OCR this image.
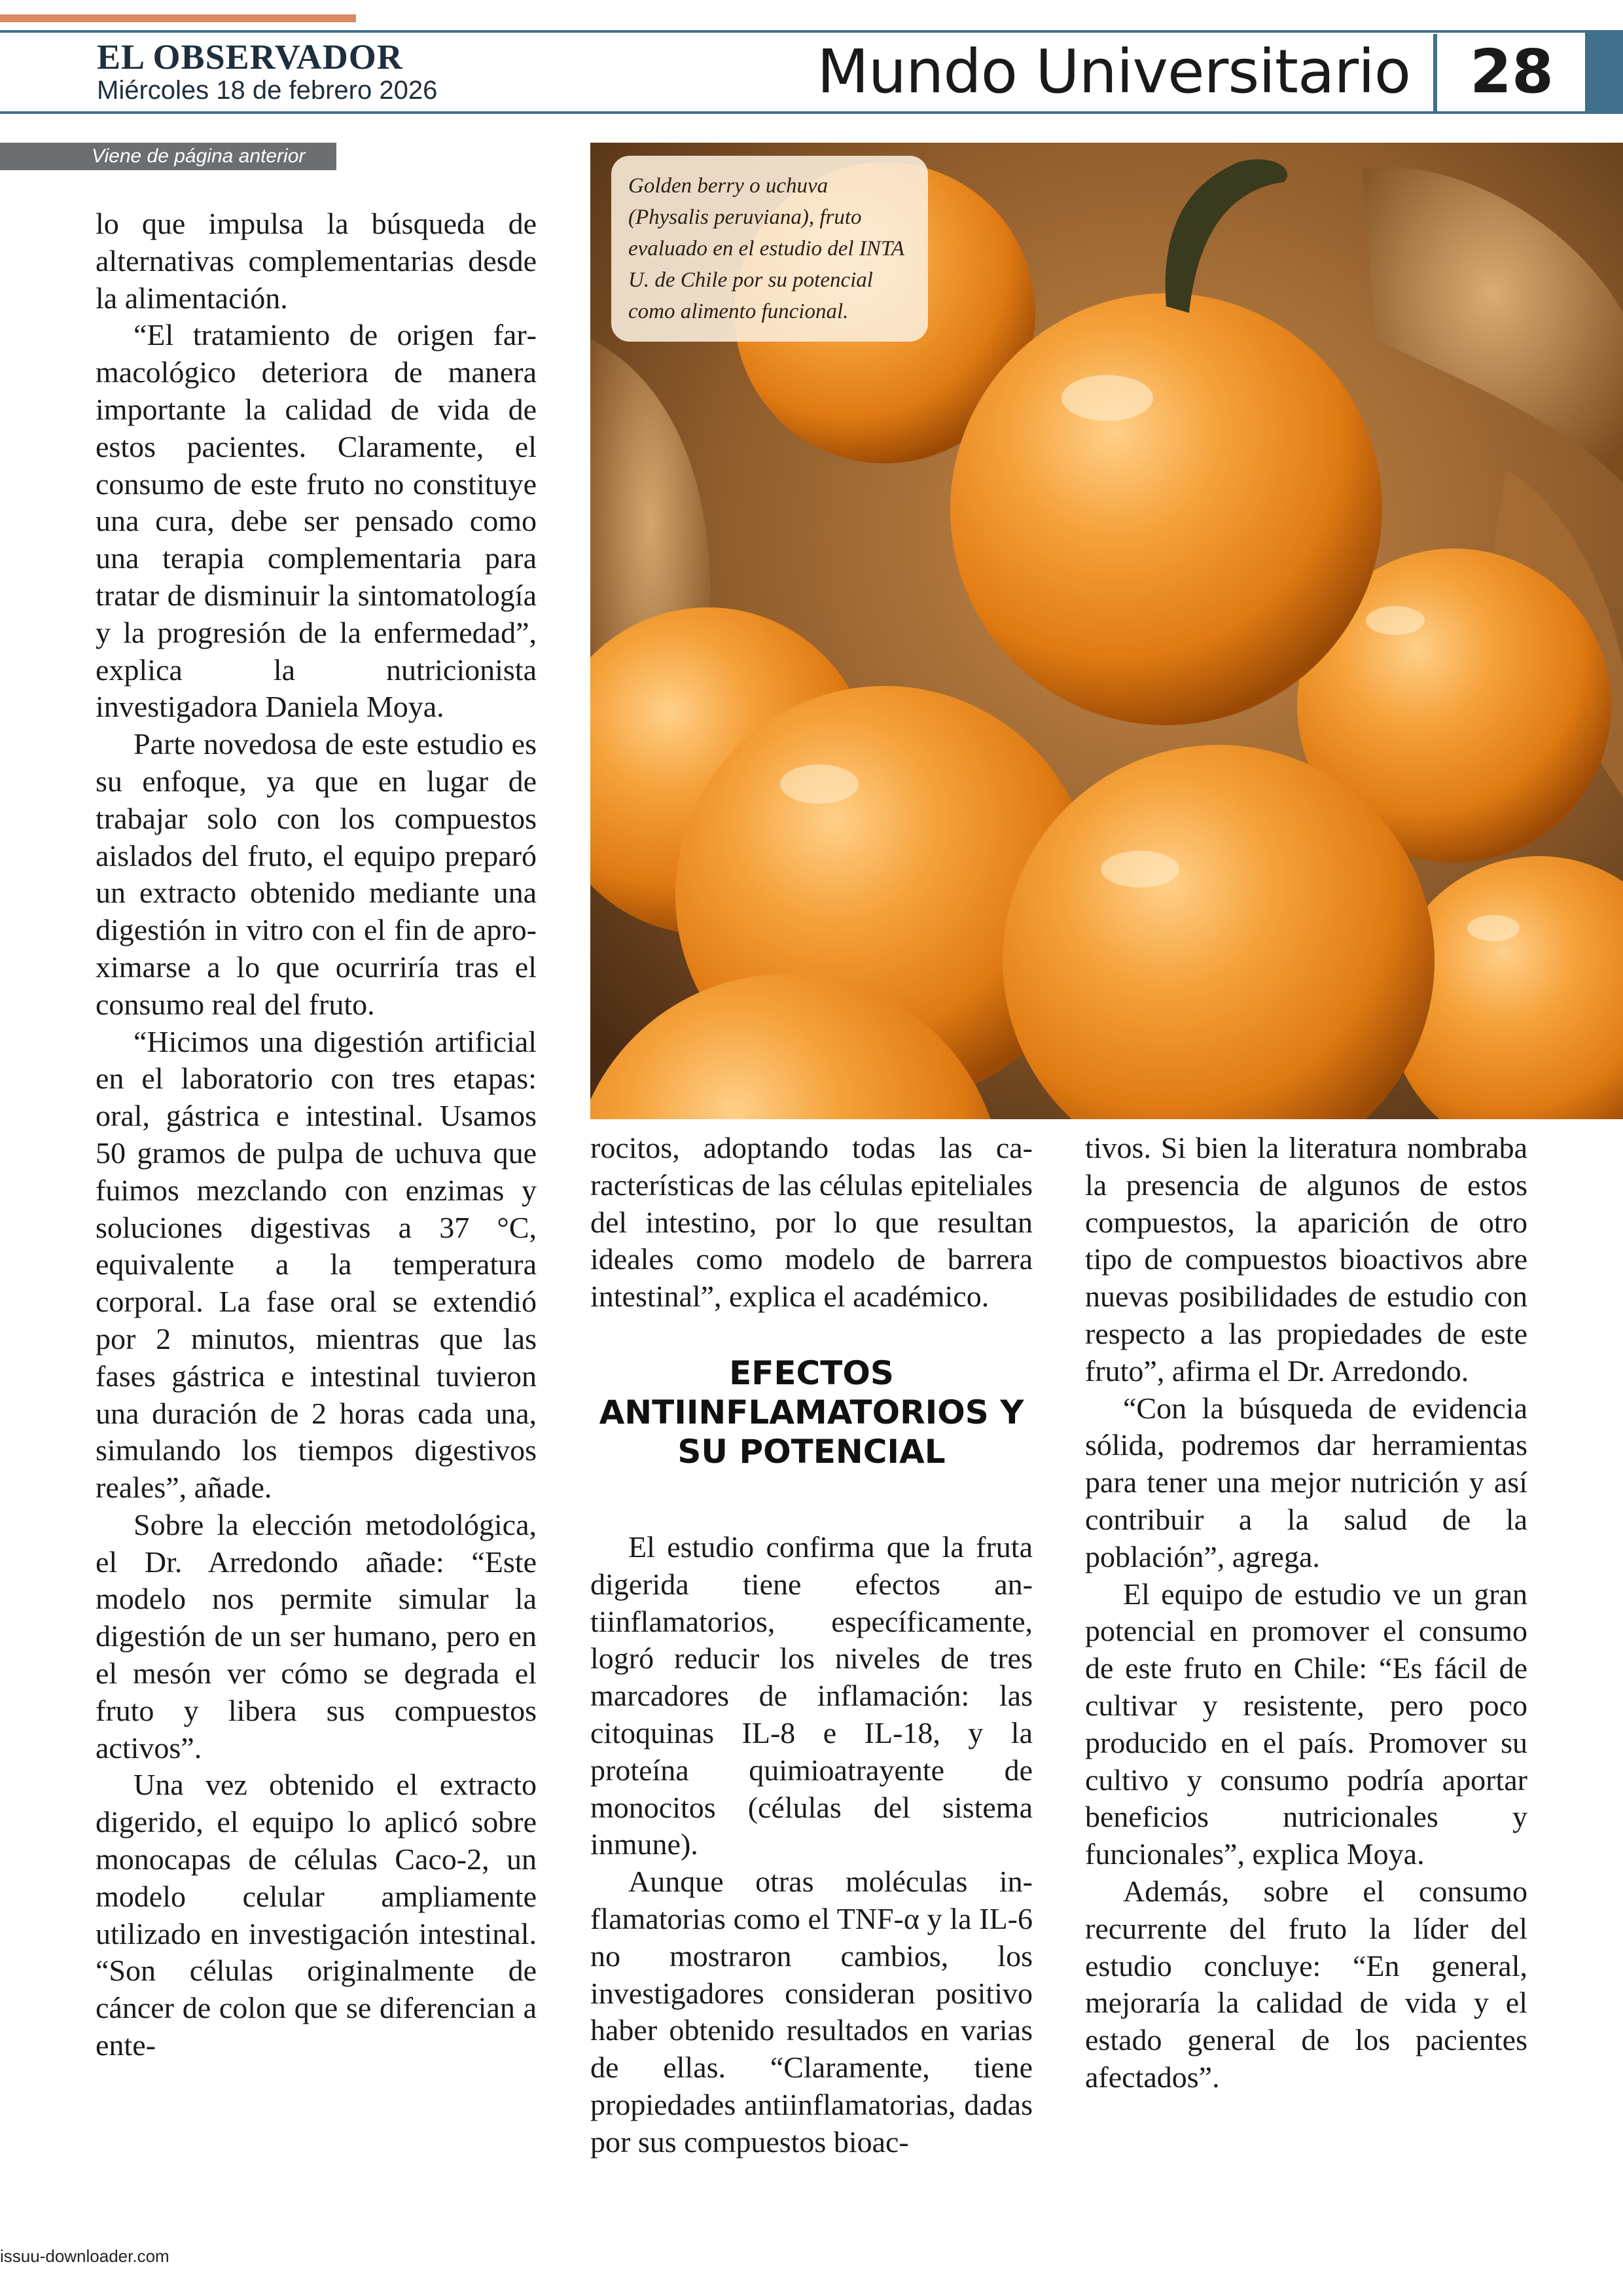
EL OBSERVADOR
Miércoles 18 de febrero 2026	Mundo Universitario 28
Viene de página anterior

lo que impulsa la búsqueda de alternativas complementarias desde la alimentación.

“El tratamiento de origen farmacológico deteriora de manera importante la calidad de vida de estos pacientes. Claramente, el consumo de este fruto no constituye una cura, debe ser pensado como una terapia complementaria para tratar de disminuir la sintomatología y la progresión de la enfermedad”, explica la nutricionista investigadora Daniela Moya.

Parte novedosa de este estudio es su enfoque, ya que en lugar de trabajar solo con los compuestos aislados del fruto, el equipo preparó un extracto obtenido mediante una digestión in vitro con el fin de aproximarse a lo que ocurriría tras el consumo real del fruto.

“Hicimos una digestión artificial en el laboratorio con tres etapas: oral, gástrica e intestinal. Usamos 50 gramos de pulpa de uchuva que fuimos mezclando con enzimas y soluciones digestivas a 37 °C, equivalente a la temperatura corporal. La fase oral se extendió por 2 minutos, mientras que las fases gástrica e intestinal tuvieron una duración de 2 horas cada una, simulando los tiempos digestivos reales”, añade.

Sobre la elección metodológica, el Dr. Arredondo añade: “Este modelo nos permite simular la digestión de un ser humano, pero en el mesón ver cómo se degrada el fruto y libera sus compuestos activos”.

Una vez obtenido el extracto digerido, el equipo lo aplicó sobre monocapas de células Caco-2, un modelo celular ampliamente utilizado en investigación intestinal. “Son células originalmente de cáncer de colon que se diferencian a ente-

Golden berry o uchuva (Physalis peruviana), fruto evaluado en el estudio del INTA U. de Chile por su potencial como alimento funcional.

rocitos, adoptando todas las características de las células epiteliales del intestino, por lo que resultan ideales como modelo de barrera intestinal”, explica el académico.

EFECTOS ANTIINFLAMATORIOS Y SU POTENCIAL

El estudio confirma que la fruta digerida tiene efectos antiinflamatorios, específicamente, logró reducir los niveles de tres marcadores de inflamación: las citoquinas IL-8 e IL-18, y la proteína quimioatrayente de monocitos (células del sistema inmune).

Aunque otras moléculas inflamatorias como el TNF-α y la IL-6 no mostraron cambios, los investigadores consideran positivo haber obtenido resultados en varias de ellas. “Claramente, tiene propiedades antiinflamatorias, dadas por sus compuestos bioac-

tivos. Si bien la literatura nombraba la presencia de algunos de estos compuestos, la aparición de otro tipo de compuestos bioactivos abre nuevas posibilidades de estudio con respecto a las propiedades de este fruto”, afirma el Dr. Arredondo.

“Con la búsqueda de evidencia sólida, podremos dar herramientas para tener una mejor nutrición y así contribuir a la salud de la población”, agrega.

El equipo de estudio ve un gran potencial en promover el consumo de este fruto en Chile: “Es fácil de cultivar y resistente, pero poco producido en el país. Promover su cultivo y consumo podría aportar beneficios nutricionales y funcionales”, explica Moya.

Además, sobre el consumo recurrente del fruto la líder del estudio concluye: “En general, mejoraría la calidad de vida y el estado general de los pacientes afectados”.

issuu-downloader.com
